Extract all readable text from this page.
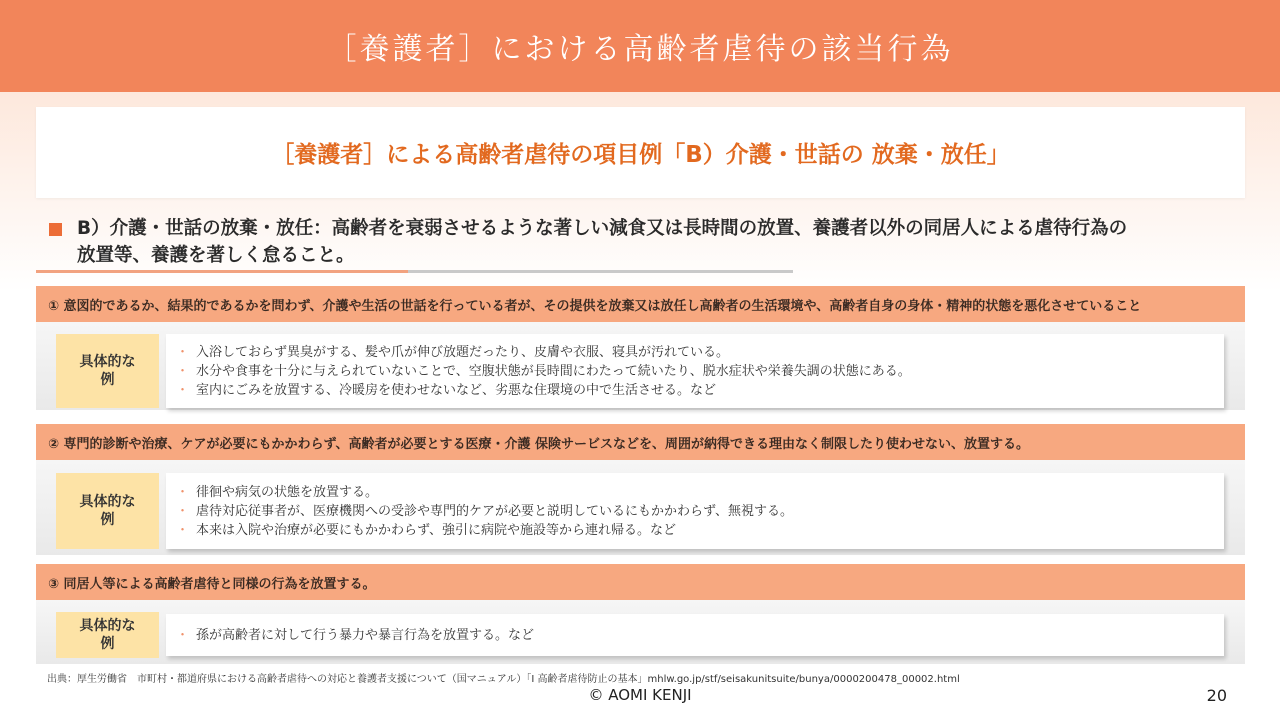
［養護者］における高齢者虐待の該当行為
［養護者］による高齢者虐待の項目例「B）介護・世話の 放棄・放任」
B）介護・世話の放棄・放任：高齢者を衰弱させるような著しい減食又は長時間の放置、養護者以外の同居人による虐待行為の
放置等、養護を著しく怠ること。
① 意図的であるか、結果的であるかを問わず、介護や生活の世話を行っている者が、その提供を放棄又は放任し高齢者の生活環境や、高齢者自身の身体・精神的状態を悪化させていること
具体的な
例
・ 入浴しておらず異臭がする、髪や爪が伸び放題だったり、皮膚や衣服、寝具が汚れている。
・ 水分や食事を十分に与えられていないことで、空腹状態が長時間にわたって続いたり、脱水症状や栄養失調の状態にある。
・ 室内にごみを放置する、冷暖房を使わせないなど、劣悪な住環境の中で生活させる。など
② 専門的診断や治療、ケアが必要にもかかわらず、高齢者が必要とする医療・介護 保険サービスなどを、周囲が納得できる理由なく制限したり使わせない、放置する。
具体的な
例
・ 徘徊や病気の状態を放置する。
・ 虐待対応従事者が、医療機関への受診や専門的ケアが必要と説明しているにもかかわらず、無視する。
・ 本来は入院や治療が必要にもかかわらず、強引に病院や施設等から連れ帰る。など
③ 同居人等による高齢者虐待と同様の行為を放置する。
具体的な
例
・ 孫が高齢者に対して行う暴力や暴言行為を放置する。など
出典：厚生労働省　市町村・都道府県における高齢者虐待への対応と養護者支援について（国マニュアル）「Ⅰ 高齢者虐待防止の基本」mhlw.go.jp/stf/seisakunitsuite/bunya/0000200478_00002.html
© AOMI KENJI	20
